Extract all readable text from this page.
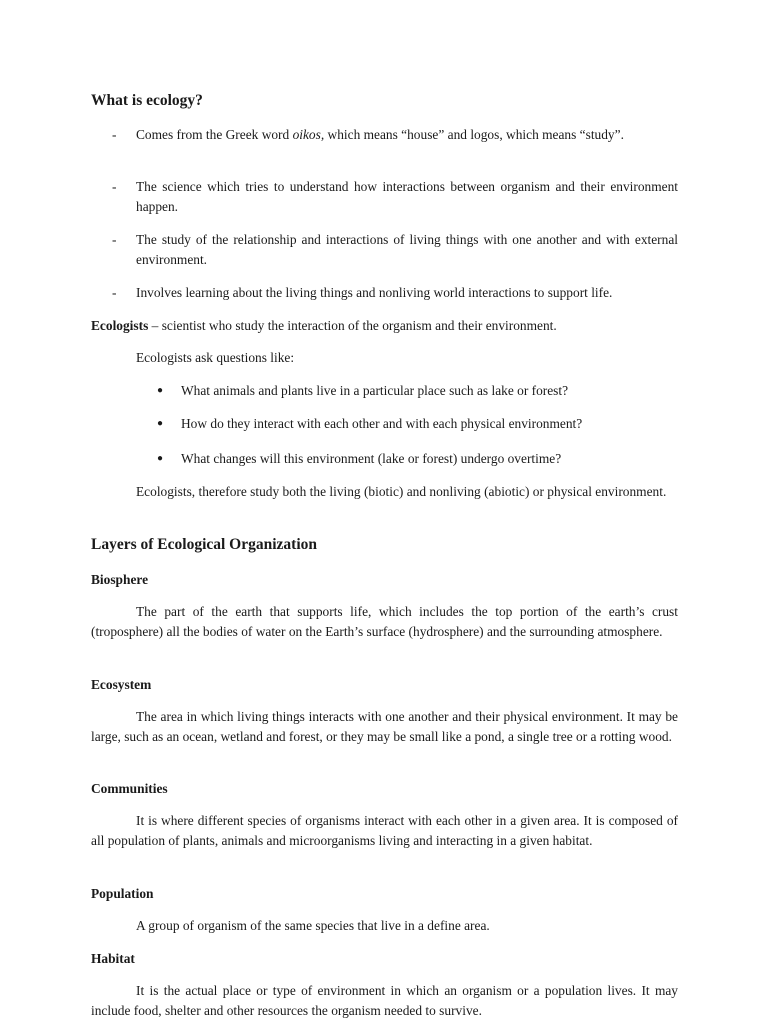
What is ecology?
-	Comes from the Greek word oikos, which means “house” and logos, which means “study”.
-	The science which tries to understand how interactions between organism and their environment happen.
-	The study of the relationship and interactions of living things with one another and with external environment.
-	Involves learning about the living things and nonliving world interactions to support life.
Ecologists – scientist who study the interaction of the organism and their environment.
Ecologists ask questions like:
●	What animals and plants live in a particular place such as lake or forest?
●	How do they interact with each other and with each physical environment?
●	What changes will this environment (lake or forest) undergo overtime?
Ecologists, therefore study both the living (biotic) and nonliving (abiotic) or physical environment.
Layers of Ecological Organization
Biosphere

The part of the earth that supports life, which includes the top portion of the earth’s crust (troposphere) all the bodies of water on the Earth’s surface (hydrosphere) and the surrounding atmosphere.

Ecosystem

The area in which living things interacts with one another and their physical environment. It may be large, such as an ocean, wetland and forest, or they may be small like a pond, a single tree or a rotting wood.

Communities

It is where different species of organisms interact with each other in a given area. It is composed of all population of plants, animals and microorganisms living and interacting in a given habitat.

Population

A group of organism of the same species that live in a define area.

Habitat

It is the actual place or type of environment in which an organism or a population lives. It may include food, shelter and other resources the organism needed to survive.
